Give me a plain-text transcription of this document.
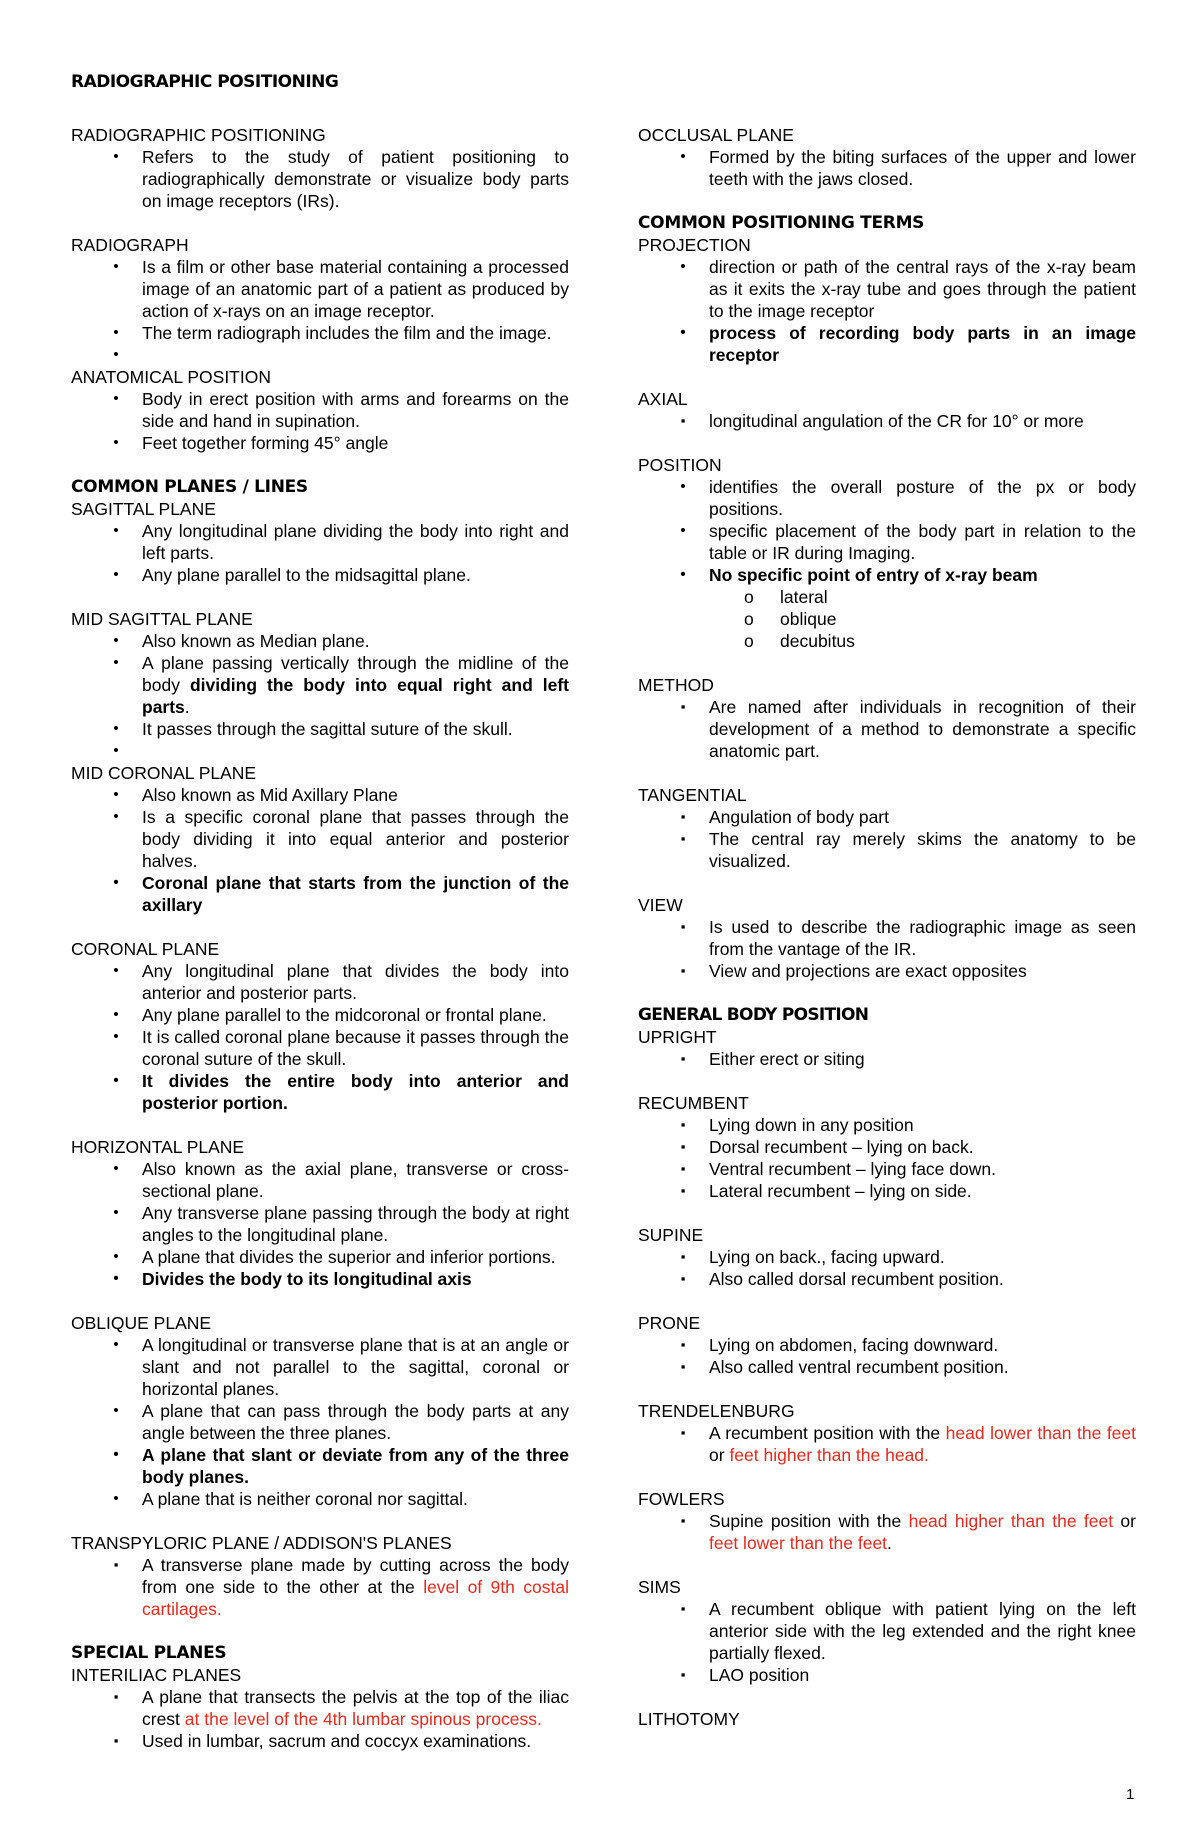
RADIOGRAPHIC POSITIONING

RADIOGRAPHIC POSITIONING

•	Refers to the study of patient positioning to radiographically demonstrate or visualize body parts on image receptors (IRs).

RADIOGRAPH

•	Is a film or other base material containing a processed image of an anatomic part of a patient as produced by action of x-rays on an image receptor.
•	The term radiograph includes the film and the image.
•

ANATOMICAL POSITION

•	Body in erect position with arms and forearms on the side and hand in supination.
•	Feet together forming 45° angle

COMMON PLANES / LINES

SAGITTAL PLANE

•	Any longitudinal plane dividing the body into right and left parts.
•	Any plane parallel to the midsagittal plane.

MID SAGITTAL PLANE

•	Also known as Median plane.
•	A plane passing vertically through the midline of the body dividing the body into equal right and left parts.
•	It passes through the sagittal suture of the skull.
•

MID CORONAL PLANE

•	Also known as Mid Axillary Plane
•	Is a specific coronal plane that passes through the body dividing it into equal anterior and posterior halves.
•	Coronal plane that starts from the junction of the axillary

CORONAL PLANE

•	Any longitudinal plane that divides the body into anterior and posterior parts.
•	Any plane parallel to the midcoronal or frontal plane.
•	It is called coronal plane because it passes through the coronal suture of the skull.
•	It divides the entire body into anterior and posterior portion.

HORIZONTAL PLANE

•	Also known as the axial plane, transverse or cross-sectional plane.
•	Any transverse plane passing through the body at right angles to the longitudinal plane.
•	A plane that divides the superior and inferior portions.
•	Divides the body to its longitudinal axis

OBLIQUE PLANE

•	A longitudinal or transverse plane that is at an angle or slant and not parallel to the sagittal, coronal or horizontal planes.
•	A plane that can pass through the body parts at any angle between the three planes.
•	A plane that slant or deviate from any of the three body planes.
•	A plane that is neither coronal nor sagittal.

TRANSPYLORIC PLANE / ADDISON'S PLANES

▪	A transverse plane made by cutting across the body from one side to the other at the level of 9th costal cartilages.

SPECIAL PLANES

INTERILIAC PLANES

▪	A plane that transects the pelvis at the top of the iliac crest at the level of the 4th lumbar spinous process.
▪	Used in lumbar, sacrum and coccyx examinations.

OCCLUSAL PLANE

•	Formed by the biting surfaces of the upper and lower teeth with the jaws closed.

COMMON POSITIONING TERMS

PROJECTION

•	direction or path of the central rays of the x-ray beam as it exits the x-ray tube and goes through the patient to the image receptor
•	process of recording body parts in an image receptor

AXIAL

▪	longitudinal angulation of the CR for 10° or more

POSITION

•	identifies the overall posture of the px or body positions.
•	specific placement of the body part in relation to the table or IR during Imaging.
•	No specific point of entry of x-ray beam
o lateral
o oblique
o decubitus

METHOD

▪	Are named after individuals in recognition of their development of a method to demonstrate a specific anatomic part.

TANGENTIAL

▪	Angulation of body part
▪	The central ray merely skims the anatomy to be visualized.

VIEW

▪	Is used to describe the radiographic image as seen from the vantage of the IR.
▪	View and projections are exact opposites

GENERAL BODY POSITION

UPRIGHT

▪	Either erect or siting

RECUMBENT

▪	Lying down in any position
▪	Dorsal recumbent – lying on back.
▪	Ventral recumbent – lying face down.
▪	Lateral recumbent – lying on side.

SUPINE

▪	Lying on back., facing upward.
▪	Also called dorsal recumbent position.

PRONE

▪	Lying on abdomen, facing downward.
▪	Also called ventral recumbent position.

TRENDELENBURG

▪	A recumbent position with the head lower than the feet or feet higher than the head.

FOWLERS

▪	Supine position with the head higher than the feet or feet lower than the feet.

SIMS

▪	A recumbent oblique with patient lying on the left anterior side with the leg extended and the right knee partially flexed.
▪	LAO position

LITHOTOMY

1
